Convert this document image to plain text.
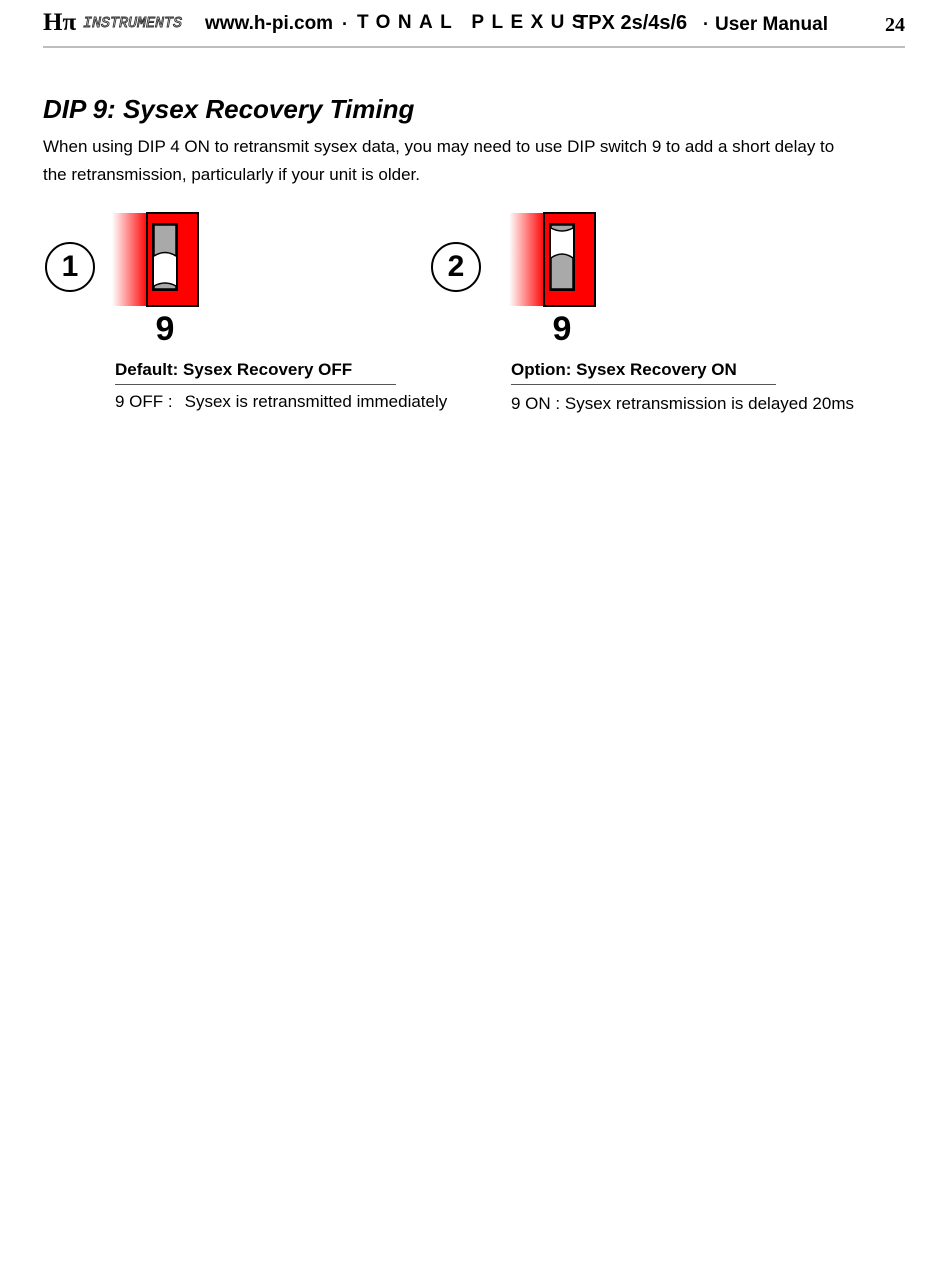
Hπ INSTRUMENTS www.h-pi.com · TONAL PLEXUS
TPX 2s/4s/6 · User Manual	24
DIP 9: Sysex Recovery Timing

When using DIP 4 ON to retransmit sysex data, you may need to use DIP switch 9 to add a short delay to the retransmission, particularly if your unit is older.

1
9
Default: Sysex Recovery OFF
9 OFF : Sysex is retransmitted immediately
2
9
Option: Sysex Recovery ON
9 ON : Sysex retransmission is delayed 20ms
